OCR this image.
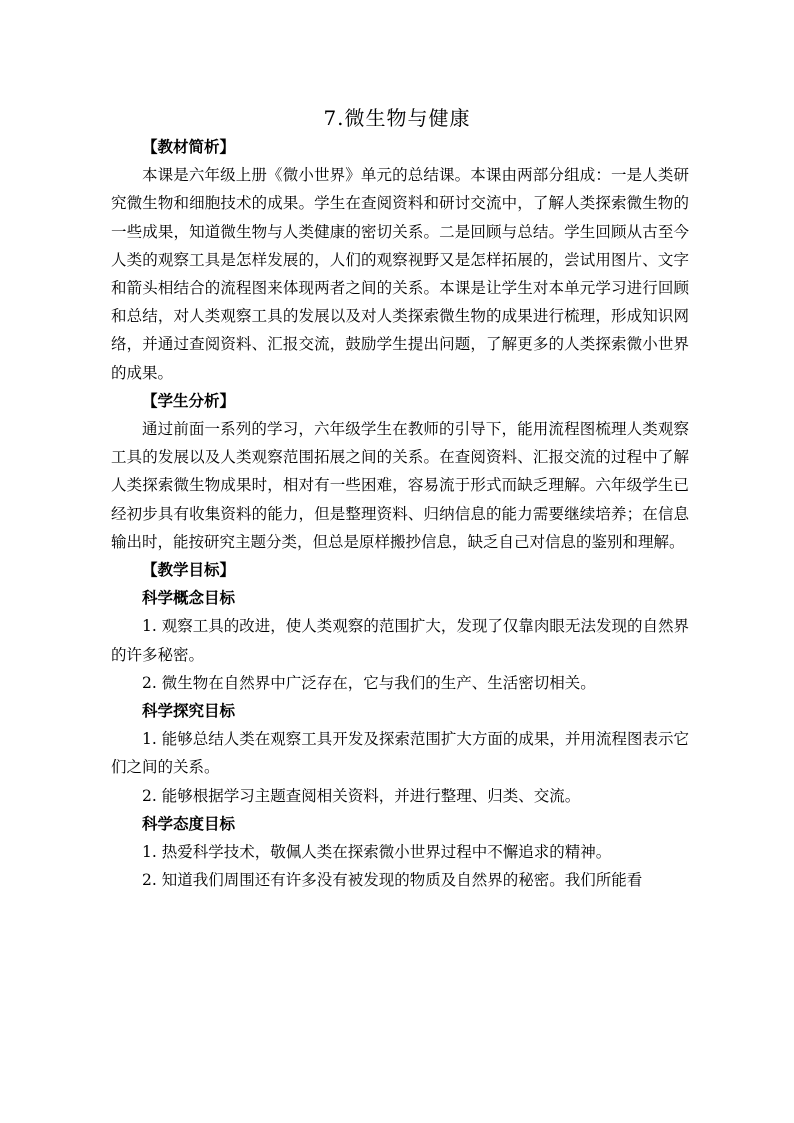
7.微生物与健康

【教材简析】

本课是六年级上册《微小世界》单元的总结课。本课由两部分组成：一是人类研究微生物和细胞技术的成果。学生在查阅资料和研讨交流中，了解人类探索微生物的一些成果，知道微生物与人类健康的密切关系。二是回顾与总结。学生回顾从古至今人类的观察工具是怎样发展的，人们的观察视野又是怎样拓展的，尝试用图片、文字和箭头相结合的流程图来体现两者之间的关系。本课是让学生对本单元学习进行回顾和总结，对人类观察工具的发展以及对人类探索微生物的成果进行梳理，形成知识网络，并通过查阅资料、汇报交流，鼓励学生提出问题，了解更多的人类探索微小世界的成果。

【学生分析】

通过前面一系列的学习，六年级学生在教师的引导下，能用流程图梳理人类观察工具的发展以及人类观察范围拓展之间的关系。在查阅资料、汇报交流的过程中了解人类探索微生物成果时，相对有一些困难，容易流于形式而缺乏理解。六年级学生已经初步具有收集资料的能力，但是整理资料、归纳信息的能力需要继续培养；在信息输出时，能按研究主题分类，但总是原样搬抄信息，缺乏自己对信息的鉴别和理解。

【教学目标】

科学概念目标

1. 观察工具的改进，使人类观察的范围扩大，发现了仅靠肉眼无法发现的自然界的许多秘密。

2. 微生物在自然界中广泛存在，它与我们的生产、生活密切相关。

科学探究目标

1. 能够总结人类在观察工具开发及探索范围扩大方面的成果，并用流程图表示它们之间的关系。

2. 能够根据学习主题查阅相关资料，并进行整理、归类、交流。

科学态度目标

1. 热爱科学技术，敬佩人类在探索微小世界过程中不懈追求的精神。

2. 知道我们周围还有许多没有被发现的物质及自然界的秘密。我们所能看
